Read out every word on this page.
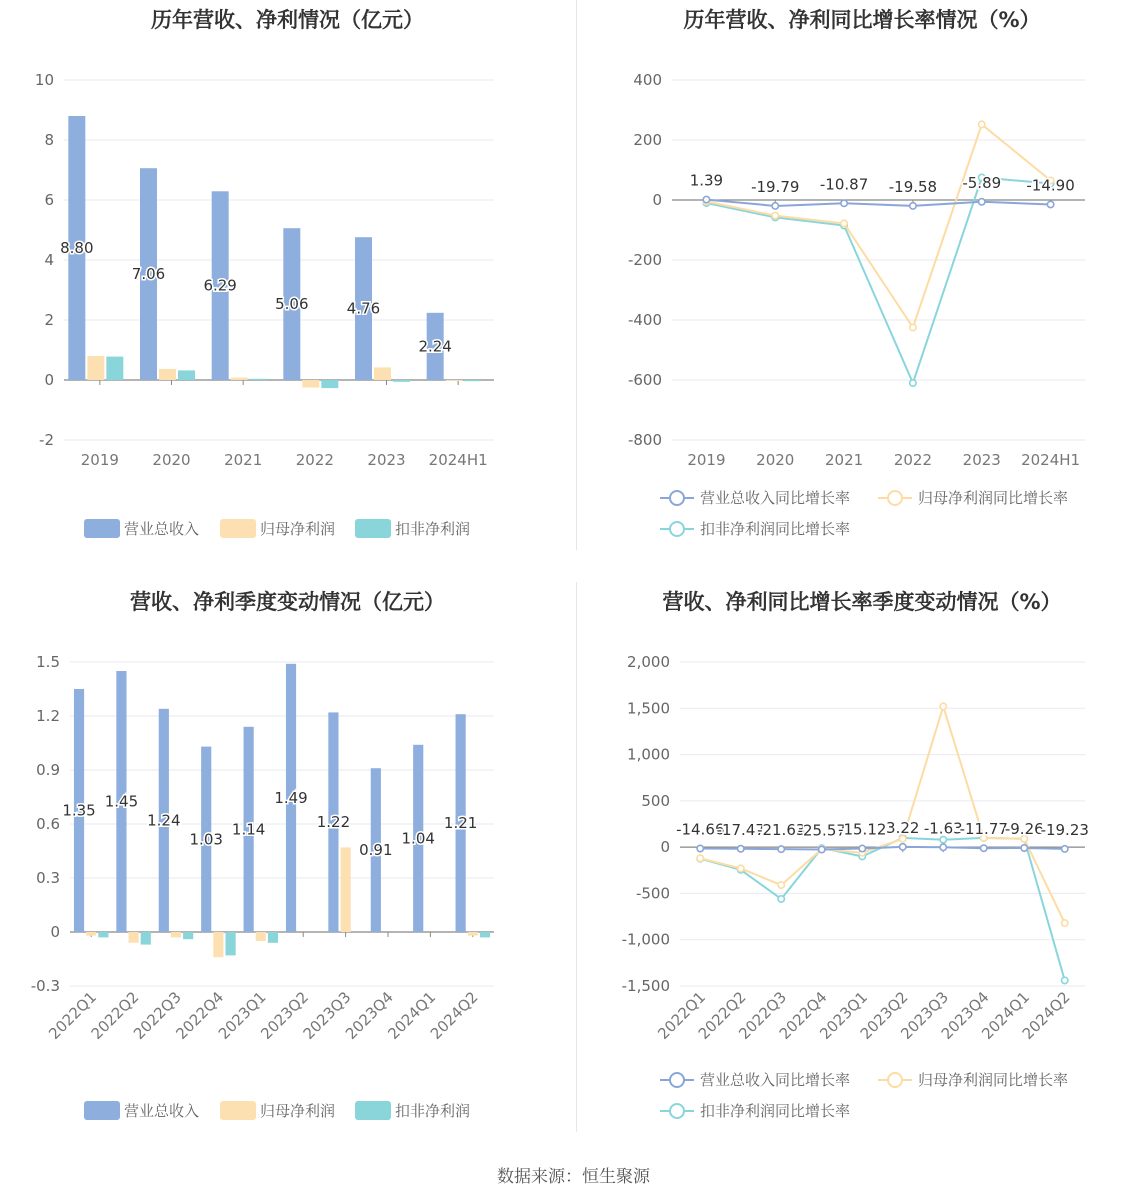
历年营收、净利情况（亿元）
-2
0
2
4
6
8
10
2019 2020 2021 2022 2023 2024H1
8.80
7.06
6.29
5.06	4.76
2.24
营业总收入	归母净利润	扣非净利润
历年营收、净利同比增长率情况（%）
-800
-600
-400
-200
0
200
400
2019 2020 2021 2022 2023 2024H1
1.39 -19.79 -10.87 -19.58 -5.89 -14.90
营业总收入同比增长率	归母净利润同比增长率
扣非净利润同比增长率
营收、净利季度变动情况（亿元）
-0.3
0
0.3
0.6
0.9
1.2
1.5
2022Q1
2022Q2
2022Q3
2022Q4
2023Q1
2023Q2
2023Q3
2023Q4
2024Q1
2024Q2
1.35 1.45
1.24
1.03
1.14
1.49
1.22
0.91
1.04
1.21
营业总收入	归母净利润	扣非净利润
营收、净利同比增长率季度变动情况（%）
-1,500
-1,000
-500
0
500
1,000
1,500
2,000
2022Q1
2022Q2
2022Q3
2022Q4
2023Q1
2023Q2
2023Q3
2023Q4
2024Q1
2024Q2
-14.66
-17.47
-21.63
-25.57
-15.12 3.22 -1.63
-11.77
-9.26
-19.23
营业总收入同比增长率	归母净利润同比增长率
扣非净利润同比增长率
数据来源：恒生聚源
